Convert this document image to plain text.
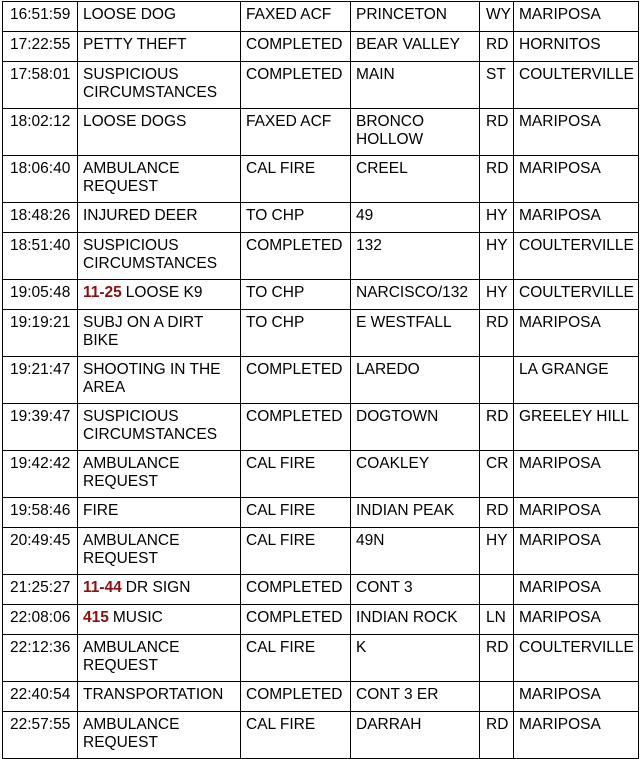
16:51:59	LOOSE DOG	FAXED ACF	PRINCETON	WY	MARIPOSA
17:22:55	PETTY THEFT	COMPLETED	BEAR VALLEY	RD	HORNITOS
17:58:01	SUSPICIOUS CIRCUMSTANCES	COMPLETED	MAIN	ST	COULTERVILLE
18:02:12	LOOSE DOGS	FAXED ACF	BRONCO HOLLOW	RD	MARIPOSA
18:06:40	AMBULANCE REQUEST	CAL FIRE	CREEL	RD	MARIPOSA
18:48:26	INJURED DEER	TO CHP	49	HY	MARIPOSA
18:51:40	SUSPICIOUS CIRCUMSTANCES	COMPLETED	132	HY	COULTERVILLE
19:05:48	11-25 LOOSE K9	TO CHP	NARCISCO/132	HY	COULTERVILLE
19:19:21	SUBJ ON A DIRT BIKE	TO CHP	E WESTFALL	RD	MARIPOSA
19:21:47	SHOOTING IN THE AREA	COMPLETED	LAREDO		LA GRANGE
19:39:47	SUSPICIOUS CIRCUMSTANCES	COMPLETED	DOGTOWN	RD	GREELEY HILL
19:42:42	AMBULANCE REQUEST	CAL FIRE	COAKLEY	CR	MARIPOSA
19:58:46	FIRE	CAL FIRE	INDIAN PEAK	RD	MARIPOSA
20:49:45	AMBULANCE REQUEST	CAL FIRE	49N	HY	MARIPOSA
21:25:27	11-44 DR SIGN	COMPLETED	CONT 3		MARIPOSA
22:08:06	415 MUSIC	COMPLETED	INDIAN ROCK	LN	MARIPOSA
22:12:36	AMBULANCE REQUEST	CAL FIRE	K	RD	COULTERVILLE
22:40:54	TRANSPORTATION	COMPLETED	CONT 3 ER		MARIPOSA
22:57:55	AMBULANCE REQUEST	CAL FIRE	DARRAH	RD	MARIPOSA
